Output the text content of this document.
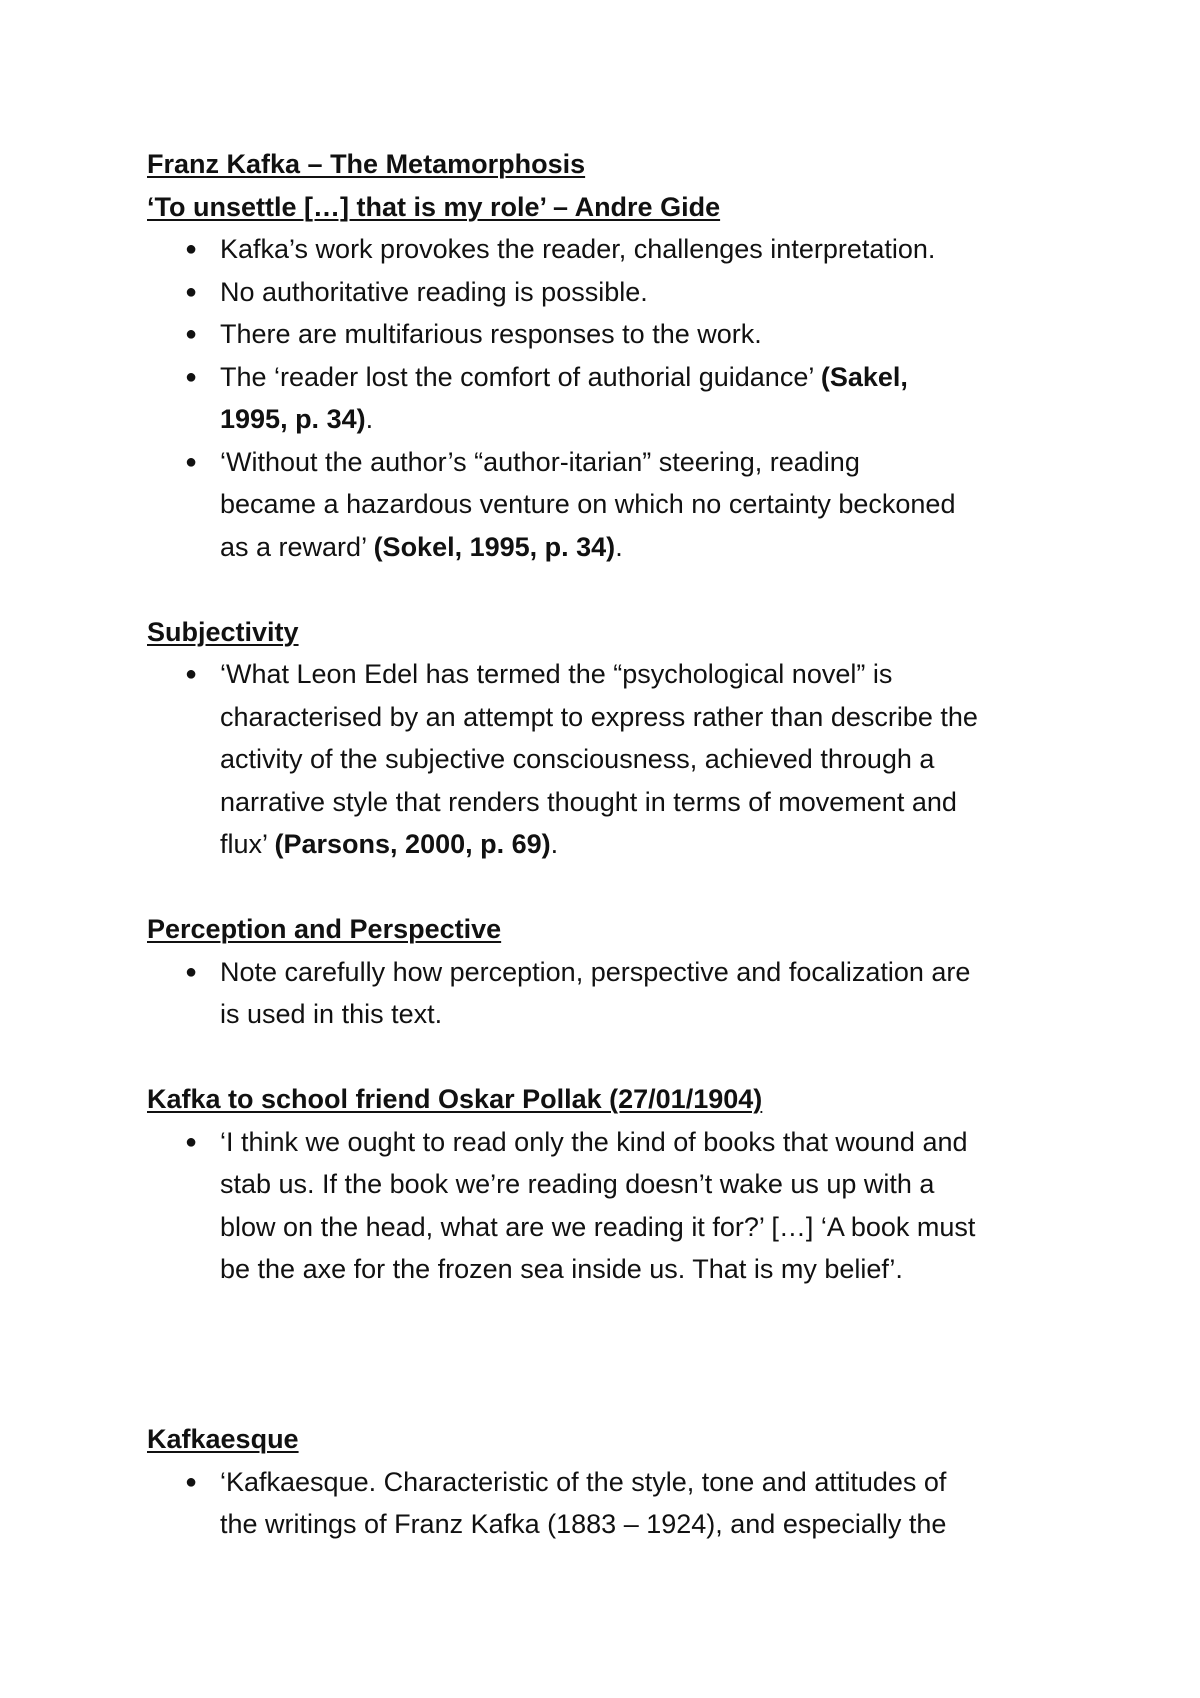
Franz Kafka – The Metamorphosis

‘To unsettle […] that is my role’ – Andre Gide

● Kafka’s work provokes the reader, challenges interpretation.
● No authoritative reading is possible.
● There are multifarious responses to the work.
● The ‘reader lost the comfort of authorial guidance’ (Sakel,
1995, p. 34).
● ‘Without the author’s “author-itarian” steering, reading
became a hazardous venture on which no certainty beckoned
as a reward’ (Sokel, 1995, p. 34).

Subjectivity

● ‘What Leon Edel has termed the “psychological novel” is
characterised by an attempt to express rather than describe the
activity of the subjective consciousness, achieved through a
narrative style that renders thought in terms of movement and
flux’ (Parsons, 2000, p. 69).

Perception and Perspective

● Note carefully how perception, perspective and focalization are
is used in this text.

Kafka to school friend Oskar Pollak (27/01/1904)

● ‘I think we ought to read only the kind of books that wound and
stab us. If the book we’re reading doesn’t wake us up with a
blow on the head, what are we reading it for?’ […] ‘A book must
be the axe for the frozen sea inside us. That is my belief’.

Kafkaesque

● ‘Kafkaesque. Characteristic of the style, tone and attitudes of
the writings of Franz Kafka (1883 – 1924), and especially the
